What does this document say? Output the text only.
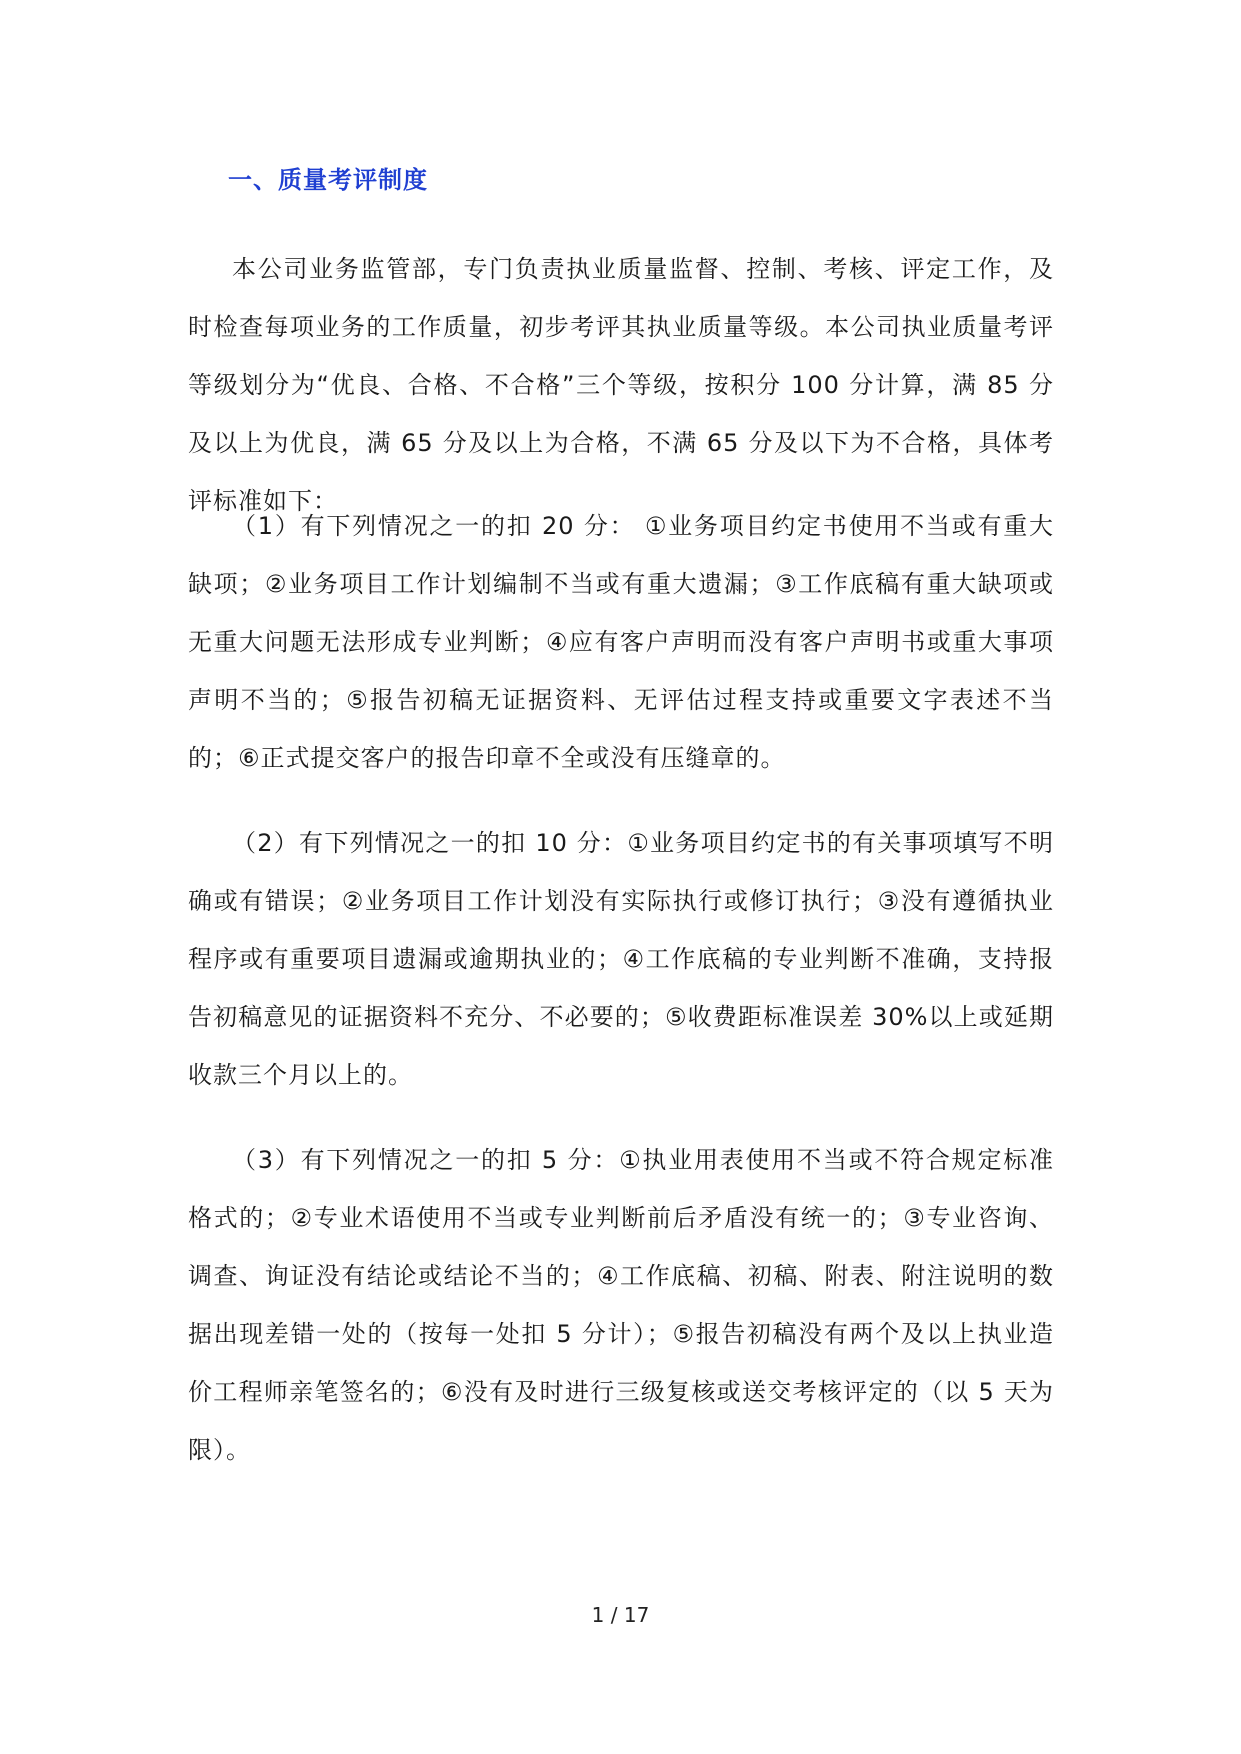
一、质量考评制度

本公司业务监管部，专门负责执业质量监督、控制、考核、评定工作，及时检查每项业务的工作质量，初步考评其执业质量等级。本公司执业质量考评等级划分为“优良、合格、不合格”三个等级，按积分 100 分计算，满 85 分及以上为优良，满 65 分及以上为合格，不满 65 分及以下为不合格，具体考评标准如下：

（1）有下列情况之一的扣 20 分： ①业务项目约定书使用不当或有重大缺项；②业务项目工作计划编制不当或有重大遗漏；③工作底稿有重大缺项或无重大问题无法形成专业判断；④应有客户声明而没有客户声明书或重大事项声明不当的；⑤报告初稿无证据资料、无评估过程支持或重要文字表述不当的；⑥正式提交客户的报告印章不全或没有压缝章的。

（2）有下列情况之一的扣 10 分：①业务项目约定书的有关事项填写不明确或有错误；②业务项目工作计划没有实际执行或修订执行；③没有遵循执业程序或有重要项目遗漏或逾期执业的；④工作底稿的专业判断不准确，支持报告初稿意见的证据资料不充分、不必要的；⑤收费距标准误差 30%以上或延期收款三个月以上的。

（3）有下列情况之一的扣 5 分：①执业用表使用不当或不符合规定标准格式的；②专业术语使用不当或专业判断前后矛盾没有统一的；③专业咨询、调查、询证没有结论或结论不当的；④工作底稿、初稿、附表、附注说明的数据出现差错一处的（按每一处扣 5 分计）；⑤报告初稿没有两个及以上执业造价工程师亲笔签名的；⑥没有及时进行三级复核或送交考核评定的（以 5 天为限）。

1 / 17
